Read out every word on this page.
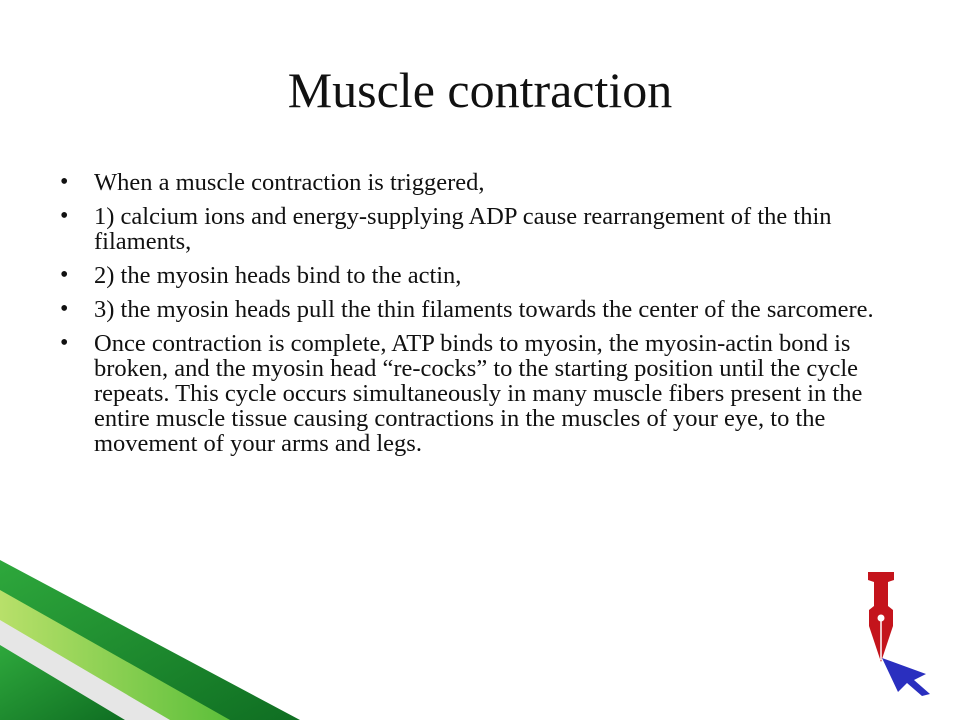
Muscle contraction
• When a muscle contraction is triggered,
• 1) calcium ions and energy-supplying ADP cause rearrangement of the thin filaments,
• 2) the myosin heads bind to the actin,
• 3) the myosin heads pull the thin filaments towards the center of the sarcomere.
• Once contraction is complete, ATP binds to myosin, the myosin-actin bond is broken, and the myosin head “re-cocks” to the starting position until the cycle repeats. This cycle occurs simultaneously in many muscle fibers present in the entire muscle tissue causing contractions in the muscles of your eye, to the movement of your arms and legs.
